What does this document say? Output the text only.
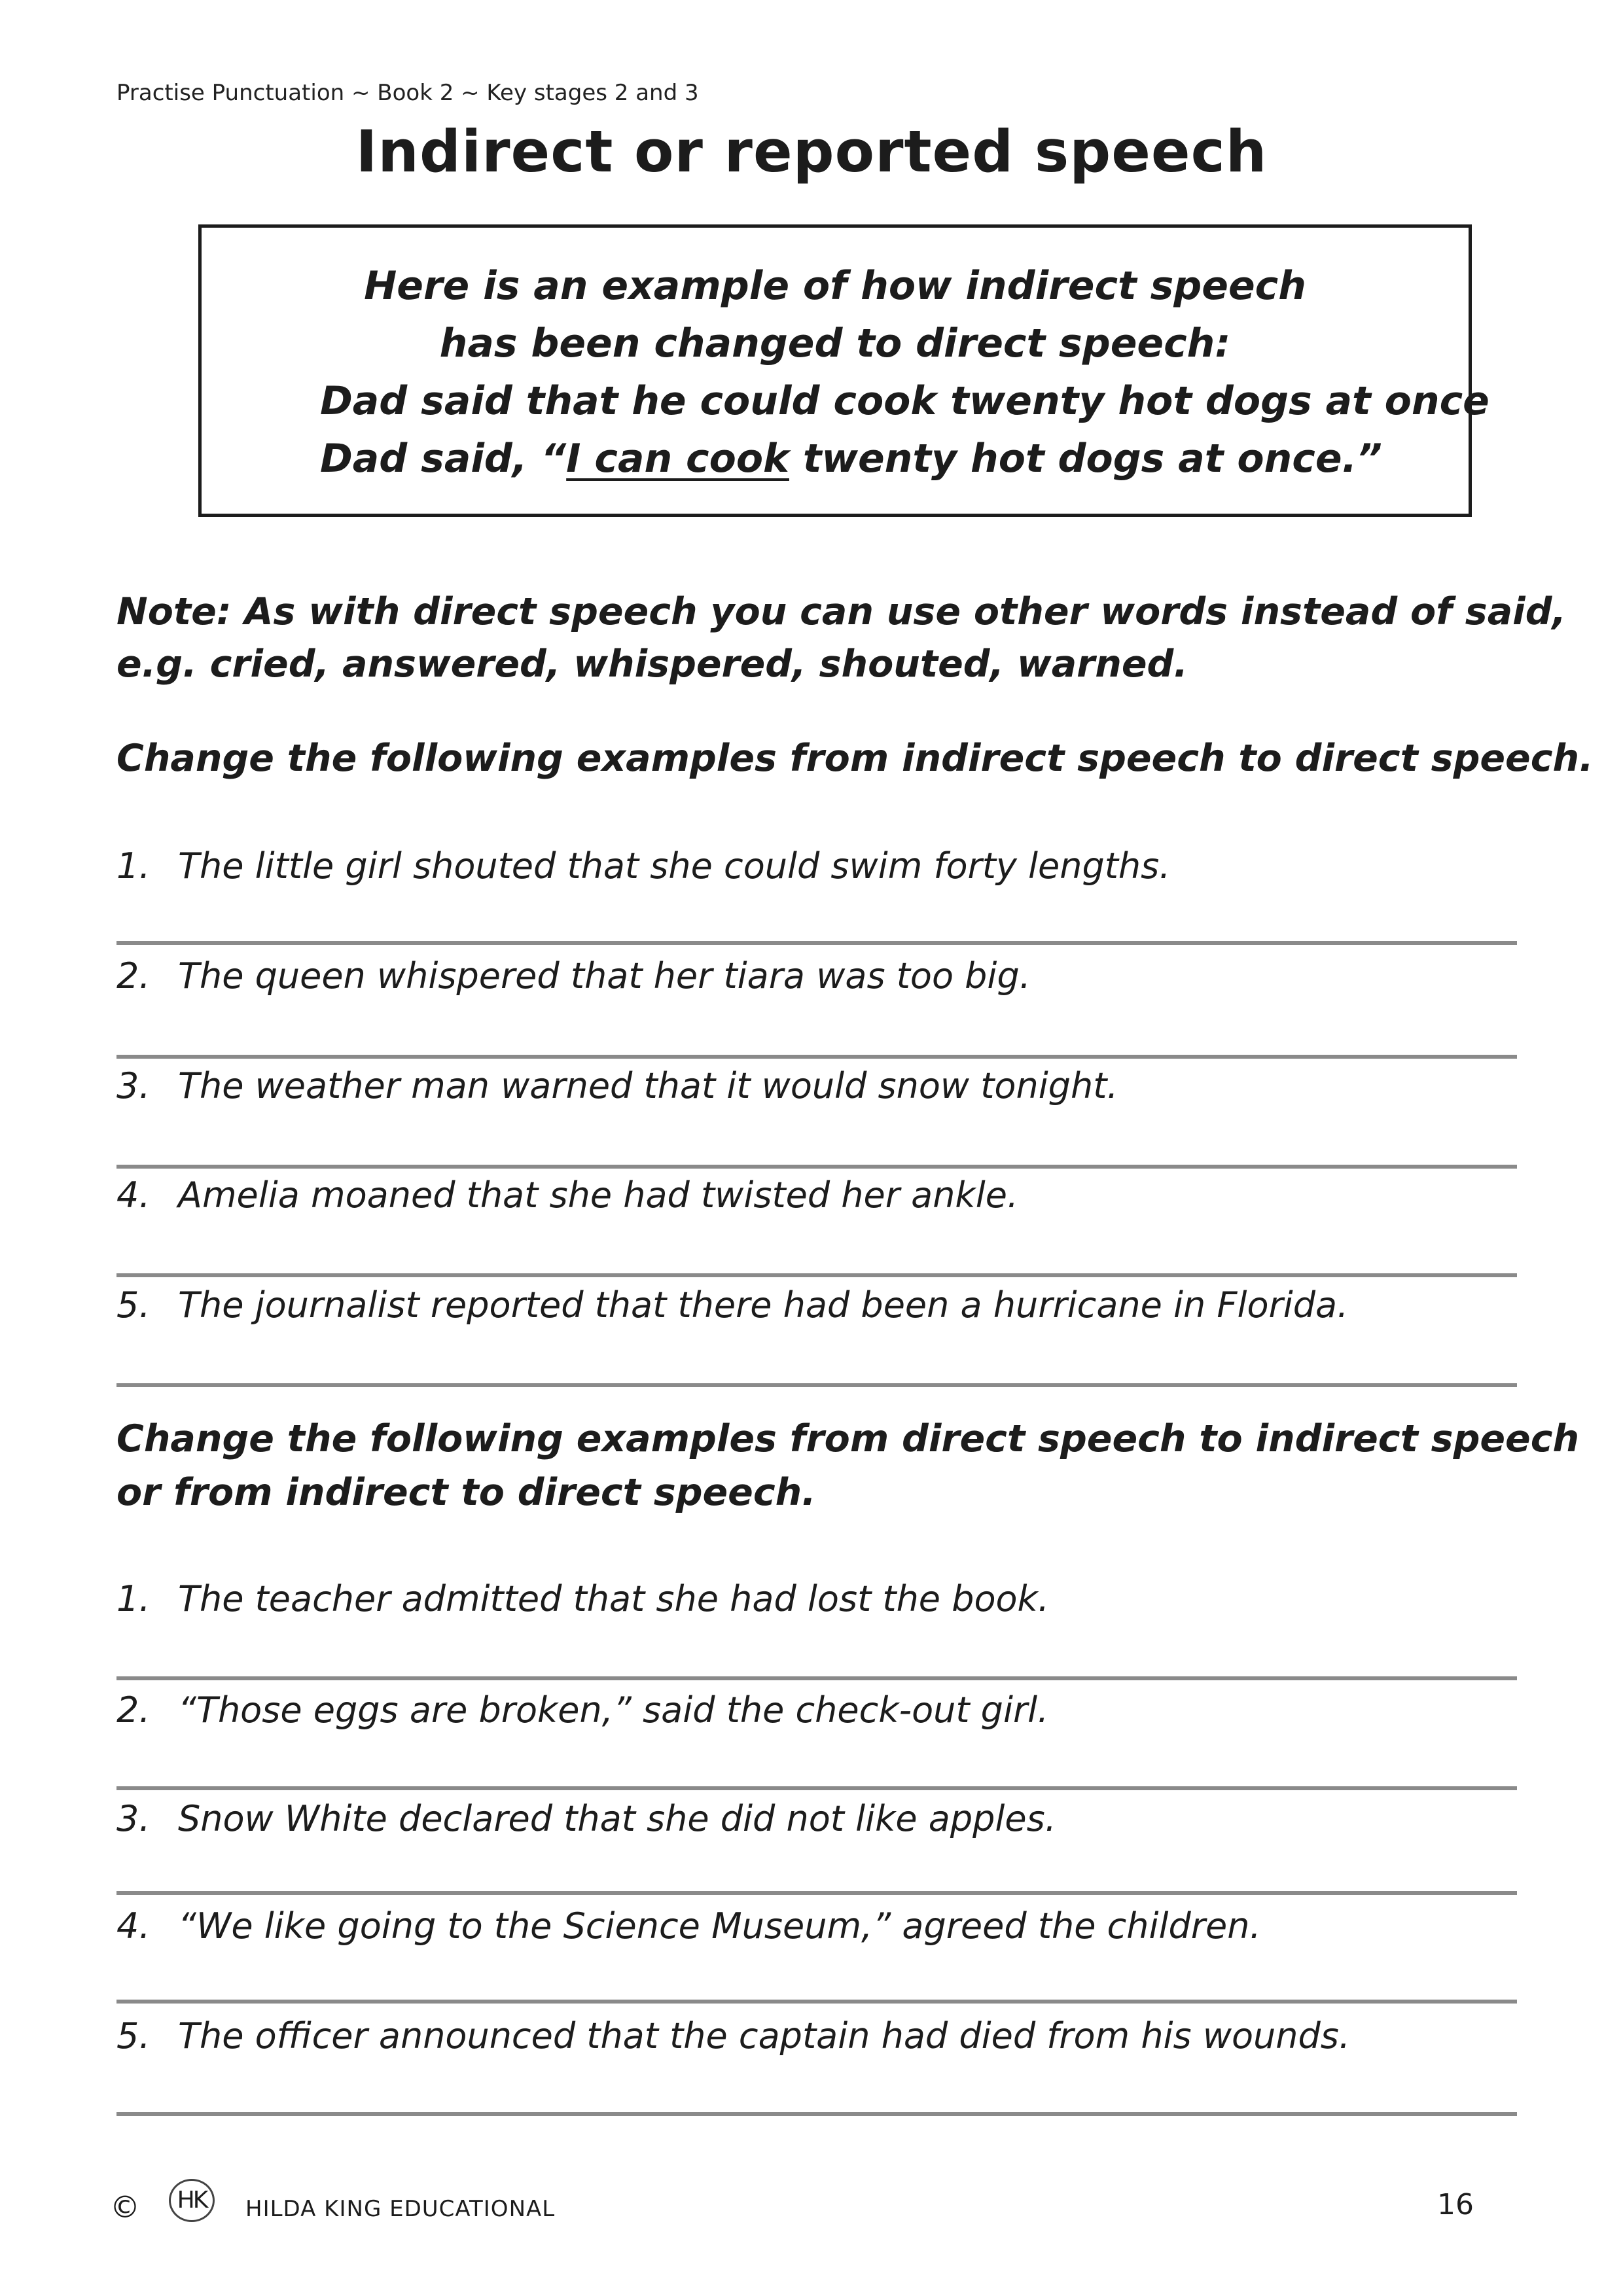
Practise Punctuation ~ Book 2 ~ Key stages 2 and 3
Indirect or reported speech
Here is an example of how indirect speech
has been changed to direct speech:
Dad said that he could cook twenty hot dogs at once
Dad said, “I can cook twenty hot dogs at once.”
Note: As with direct speech you can use other words instead of said,
e.g. cried, answered, whispered, shouted, warned.
Change the following examples from indirect speech to direct speech.
1. The little girl shouted that she could swim forty lengths.
2. The queen whispered that her tiara was too big.
3. The weather man warned that it would snow tonight.
4. Amelia moaned that she had twisted her ankle.
5. The journalist reported that there had been a hurricane in Florida.
Change the following examples from direct speech to indirect speech
or from indirect to direct speech.
1. The teacher admitted that she had lost the book.
2. “Those eggs are broken,” said the check-out girl.
3. Snow White declared that she did not like apples.
4. “We like going to the Science Museum,” agreed the children.
5. The officer announced that the captain had died from his wounds.
©	HK	HILDA KING EDUCATIONAL	16
